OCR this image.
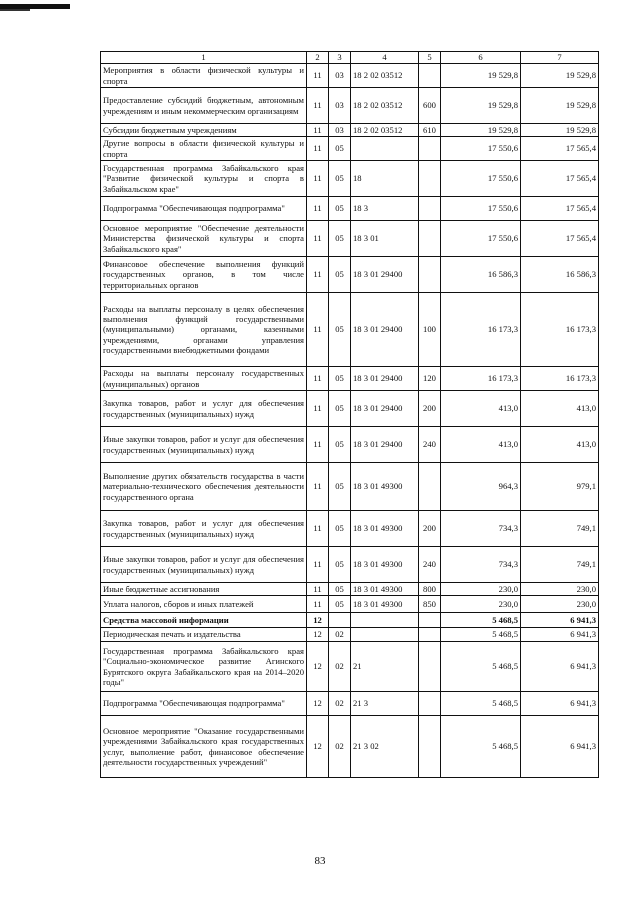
1	2	3	4	5	6	7
Мероприятия в области физической культуры и спорта	11	03	18 2 02 03512		19 529,8	19 529,8
Предоставление субсидий бюджетным, автономным учреждениям и иным некоммерческим организациям	11	03	18 2 02 03512	600	19 529,8	19 529,8
Субсидии бюджетным учреждениям	11	03	18 2 02 03512	610	19 529,8	19 529,8
Другие вопросы в области физической культуры и спорта	11	05			17 550,6	17 565,4
Государственная программа Забайкальского края "Развитие физической культуры и спорта в Забайкальском крае"	11	05	18		17 550,6	17 565,4
Подпрограмма "Обеспечивающая подпрограмма"	11	05	18 3		17 550,6	17 565,4
Основное мероприятие "Обеспечение деятельности Министерства физической культуры и спорта Забайкальского края"	11	05	18 3 01		17 550,6	17 565,4
Финансовое обеспечение выполнения функций государственных органов, в том числе территориальных органов	11	05	18 3 01 29400		16 586,3	16 586,3
Расходы на выплаты персоналу в целях обеспечения выполнения функций государственными (муниципальными) органами, казенными учреждениями, органами управления государственными внебюджетными фондами	11	05	18 3 01 29400	100	16 173,3	16 173,3
Расходы на выплаты персоналу государственных (муниципальных) органов	11	05	18 3 01 29400	120	16 173,3	16 173,3
Закупка товаров, работ и услуг для обеспечения государственных (муниципальных) нужд	11	05	18 3 01 29400	200	413,0	413,0
Иные закупки товаров, работ и услуг для обеспечения государственных (муниципальных) нужд	11	05	18 3 01 29400	240	413,0	413,0
Выполнение других обязательств государства в части материально-технического обеспечения деятельности государственного органа	11	05	18 3 01 49300		964,3	979,1
Закупка товаров, работ и услуг для обеспечения государственных (муниципальных) нужд	11	05	18 3 01 49300	200	734,3	749,1
Иные закупки товаров, работ и услуг для обеспечения государственных (муниципальных) нужд	11	05	18 3 01 49300	240	734,3	749,1
Иные бюджетные ассигнования	11	05	18 3 01 49300	800	230,0	230,0
Уплата налогов, сборов и иных платежей	11	05	18 3 01 49300	850	230,0	230,0
Средства массовой информации	12				5 468,5	6 941,3
Периодическая печать и издательства	12	02			5 468,5	6 941,3
Государственная программа Забайкальского края "Социально-экономическое развитие Агинского Бурятского округа Забайкальского края на 2014–2020 годы"	12	02	21		5 468,5	6 941,3
Подпрограмма "Обеспечивающая подпрограмма"	12	02	21 3		5 468,5	6 941,3
Основное мероприятие "Оказание государственными учреждениями Забайкальского края государственных услуг, выполнение работ, финансовое обеспечение деятельности государственных учреждений"	12	02	21 3 02		5 468,5	6 941,3
83
